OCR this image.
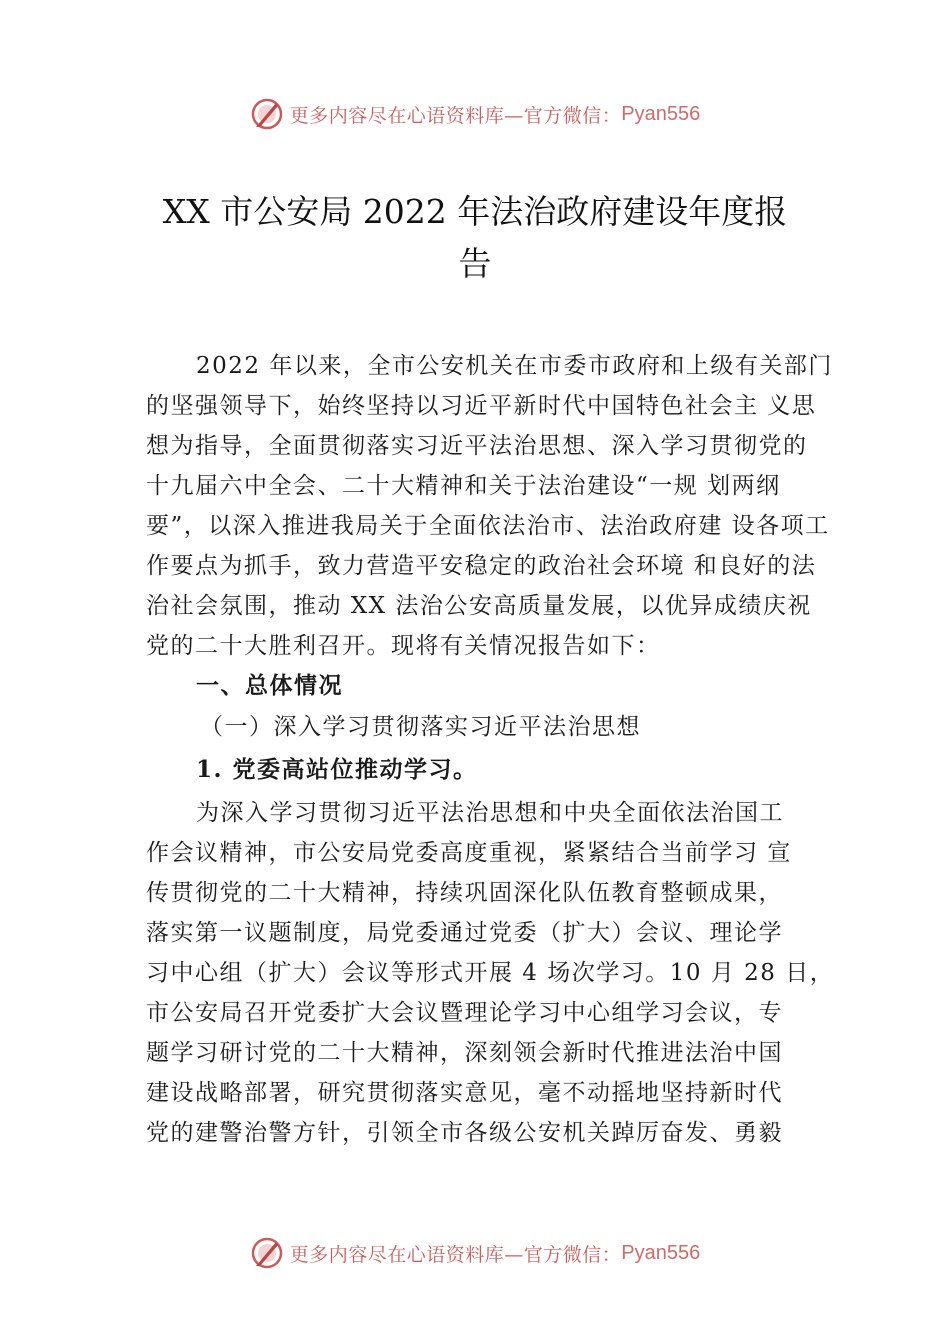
更多内容尽在心语资料库—官方微信： Pyan556
XX 市公安局 2022 年法治政府建设年度报
告
2022 年以来，全市公安机关在市委市政府和上级有关部门
的坚强领导下，始终坚持以习近平新时代中国特色社会主 义思
想为指导，全面贯彻落实习近平法治思想、深入学习贯彻党的
十九届六中全会、二十大精神和关于法治建设“一规 划两纲
要”，以深入推进我局关于全面依法治市、法治政府建 设各项工
作要点为抓手，致力营造平安稳定的政治社会环境 和良好的法
治社会氛围，推动 XX 法治公安高质量发展，以优异成绩庆祝
党的二十大胜利召开。现将有关情况报告如下：
一、总体情况
（一）深入学习贯彻落实习近平法治思想
1. 党委高站位推动学习。
为深入学习贯彻习近平法治思想和中央全面依法治国工
作会议精神，市公安局党委高度重视，紧紧结合当前学习 宣
传贯彻党的二十大精神，持续巩固深化队伍教育整顿成果，
落实第一议题制度，局党委通过党委（扩大）会议、理论学
习中心组（扩大）会议等形式开展 4 场次学习。10 月 28 日，
市公安局召开党委扩大会议暨理论学习中心组学习会议，专
题学习研讨党的二十大精神，深刻领会新时代推进法治中国
建设战略部署，研究贯彻落实意见，毫不动摇地坚持新时代
党的建警治警方针，引领全市各级公安机关踔厉奋发、勇毅
更多内容尽在心语资料库—官方微信： Pyan556
